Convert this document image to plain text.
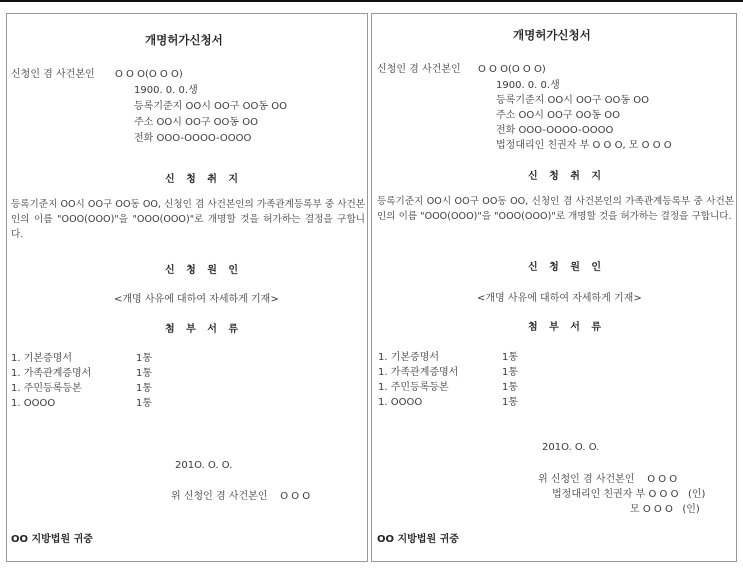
개명허가신청서
신청인 겸 사건본인 O O O(O O O)
1900. 0. 0.생
등록기준지 OO시 OO구 OO동 OO
주소 OO시 OO구 OO동 OO
전화 OOO-OOOO-OOOO
신 청 취 지
등록기준지 OO시 OO구 OO동 OO, 신청인 겸 사건본인의 가족관계등록부 중 사건본인의 이름 "OOO(OOO)"을 "OOO(OOO)"로 개명할 것을 허가하는 결정을 구합니다.
신 청 원 인
<개명 사유에 대하여 자세하게 기재>
첨 부 서 류
1. 기본증명서	1통
1. 가족관계증명서	1통
1. 주민등록등본	1통
1. OOOO	1통
201O. O. O.
위 신청인 겸 사건본인    O O O
OO 지방법원 귀중
개명허가신청서
신청인 겸 사건본인 O O O(O O O)
1900. 0. 0.생
등록기준지 OO시 OO구 OO동 OO
주소 OO시 OO구 OO동 OO
전화 OOO-OOOO-OOOO
법정대리인 친권자 부 O O O, 모 O O O
신 청 취 지
등록기준지 OO시 OO구 OO동 OO, 신청인 겸 사건본인의 가족관계등록부 중 사건본인의 이름 "OOO(OOO)"을 "OOO(OOO)"로 개명할 것을 허가하는 결정을 구합니다.
신 청 원 인
<개명 사유에 대하여 자세하게 기재>
첨 부 서 류
1. 기본증명서	1통
1. 가족관계증명서	1통
1. 주민등록등본	1통
1. OOOO	1통
201O. O. O.
위 신청인 겸 사건본인    O O O
법정대리인 친권자 부 O O O   (인)
모 O O O   (인)
OO 지방법원 귀중
